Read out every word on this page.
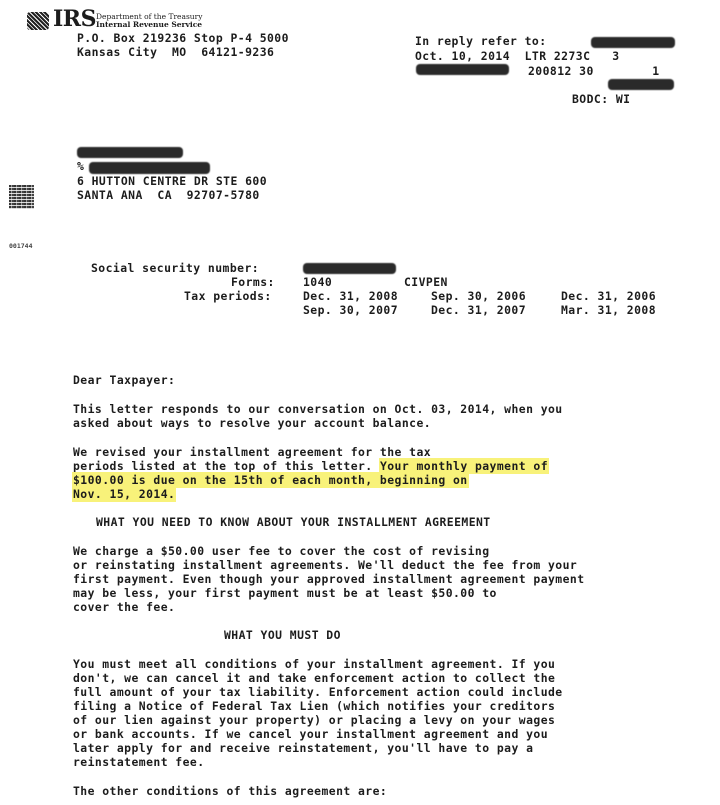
IRS Department of the Treasury
Internal Revenue Service
P.O. Box 219236 Stop P-4 5000
Kansas City  MO  64121-9236
In reply refer to:
Oct. 10, 2014  LTR 2273C   3
200812 30        1
BODC: WI
%
6 HUTTON CENTRE DR STE 600
SANTA ANA  CA  92707-5780
001744
Social security number:
Forms: 1040	CIVPEN
Tax periods:	Dec. 31, 2008	Sep. 30, 2006	Dec. 31, 2006
Sep. 30, 2007	Dec. 31, 2007	Mar. 31, 2008
Dear Taxpayer:
This letter responds to our conversation on Oct. 03, 2014, when you
asked about ways to resolve your account balance.
We revised your installment agreement for the tax
periods listed at the top of this letter. Your monthly payment of
$100.00 is due on the 15th of each month, beginning on
Nov. 15, 2014.
WHAT YOU NEED TO KNOW ABOUT YOUR INSTALLMENT AGREEMENT
We charge a $50.00 user fee to cover the cost of revising
or reinstating installment agreements. We'll deduct the fee from your
first payment. Even though your approved installment agreement payment
may be less, your first payment must be at least $50.00 to
cover the fee.
WHAT YOU MUST DO
You must meet all conditions of your installment agreement. If you
don't, we can cancel it and take enforcement action to collect the
full amount of your tax liability. Enforcement action could include
filing a Notice of Federal Tax Lien (which notifies your creditors
of our lien against your property) or placing a levy on your wages
or bank accounts. If we cancel your installment agreement and you
later apply for and receive reinstatement, you'll have to pay a
reinstatement fee.
The other conditions of this agreement are:
